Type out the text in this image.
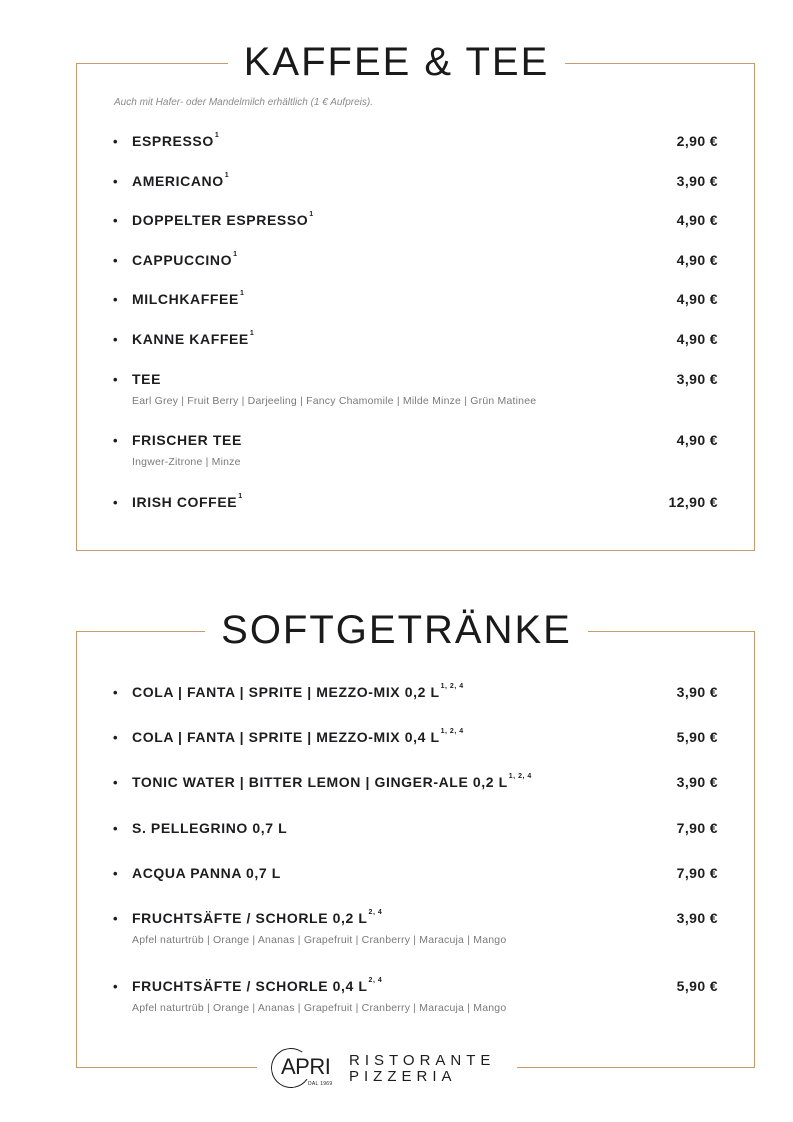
KAFFEE & TEE
Auch mit Hafer- oder Mandelmilch erhältlich (1 € Aufpreis).
•	ESPRESSO$^1$	2,90 €
•	AMERICANO$^1$	3,90 €
•	DOPPELTER ESPRESSO$^1$	4,90 €
•	CAPPUCCINO$^1$	4,90 €
•	MILCHKAFFEE$^1$	4,90 €
•	KANNE KAFFEE$^1$	4,90 €
•	TEE	3,90 €
Earl Grey | Fruit Berry | Darjeeling | Fancy Chamomile | Milde Minze | Grün Matinee
•	FRISCHER TEE	4,90 €
Ingwer-Zitrone | Minze
•	IRISH COFFEE$^1$	12,90 €
SOFTGETRÄNKE
•	COLA | FANTA | SPRITE | MEZZO-MIX 0,2 L$^{1, 2, 4}$	3,90 €
•	COLA | FANTA | SPRITE | MEZZO-MIX 0,4 L$^{1, 2, 4}$	5,90 €
•	TONIC WATER | BITTER LEMON | GINGER-ALE 0,2 L$^{1, 2, 4}$	3,90 €
•	S. PELLEGRINO 0,7 L	7,90 €
•	ACQUA PANNA 0,7 L	7,90 €
•	FRUCHTSÄFTE / SCHORLE 0,2 L$^{2, 4}$	3,90 €
Apfel naturtrüb | Orange | Ananas | Grapefruit | Cranberry | Maracuja | Mango
•	FRUCHTSÄFTE / SCHORLE 0,4 L$^{2, 4}$	5,90 €
Apfel naturtrüb | Orange | Ananas | Grapefruit | Cranberry | Maracuja | Mango
APRI
DAL 1969
RISTORANTE
PIZZERIA
